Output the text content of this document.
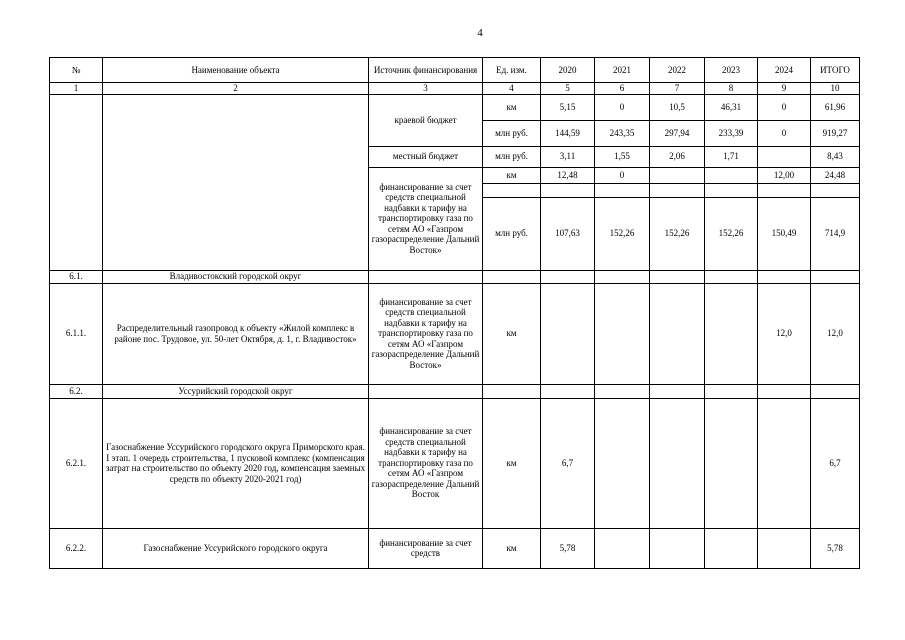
4
№	Наименование объекта	Источник финансирования	Ед. изм.	2020	2021	2022	2023	2024	ИТОГО
1	2	3	4	5	6	7	8	9	10
		краевой бюджет	км	5,15	0	10,5	46,31	0	61,96
			млн руб.	144,59	243,35	297,94	233,39	0	919,27
		местный бюджет	млн руб.	3,11	1,55	2,06	1,71		8,43
		финансирование за счет средств специальной надбавки к тарифу на транспортировку газа по сетям АО «Газпром газораспределение Дальний Восток»	км	12,48	0			12,00	24,48

			млн руб.	107,63	152,26	152,26	152,26	150,49	714,9
6.1.	Владивостокский городской округ								
6.1.1.	Распределительный газопровод к объекту «Жилой комплекс в районе пос. Трудовое, ул. 50-лет Октября, д. 1, г. Владивосток»	финансирование за счет средств специальной надбавки к тарифу на транспортировку газа по сетям АО «Газпром газораспределение Дальний Восток»	км					12,0	12,0
6.2.	Уссурийский городской округ								
6.2.1.	Газоснабжение Уссурийского городского округа Приморского края. I этап. 1 очередь строительства, 1 пусковой комплекс (компенсация затрат на строительство по объекту 2020 год, компенсация заемных средств по объекту 2020-2021 год)	финансирование за счет средств специальной надбавки к тарифу на транспортировку газа по сетям АО «Газпром газораспределение Дальний Восток	км	6,7					6,7
6.2.2.	Газоснабжение Уссурийского городского округа	финансирование за счет средств	км	5,78					5,78
